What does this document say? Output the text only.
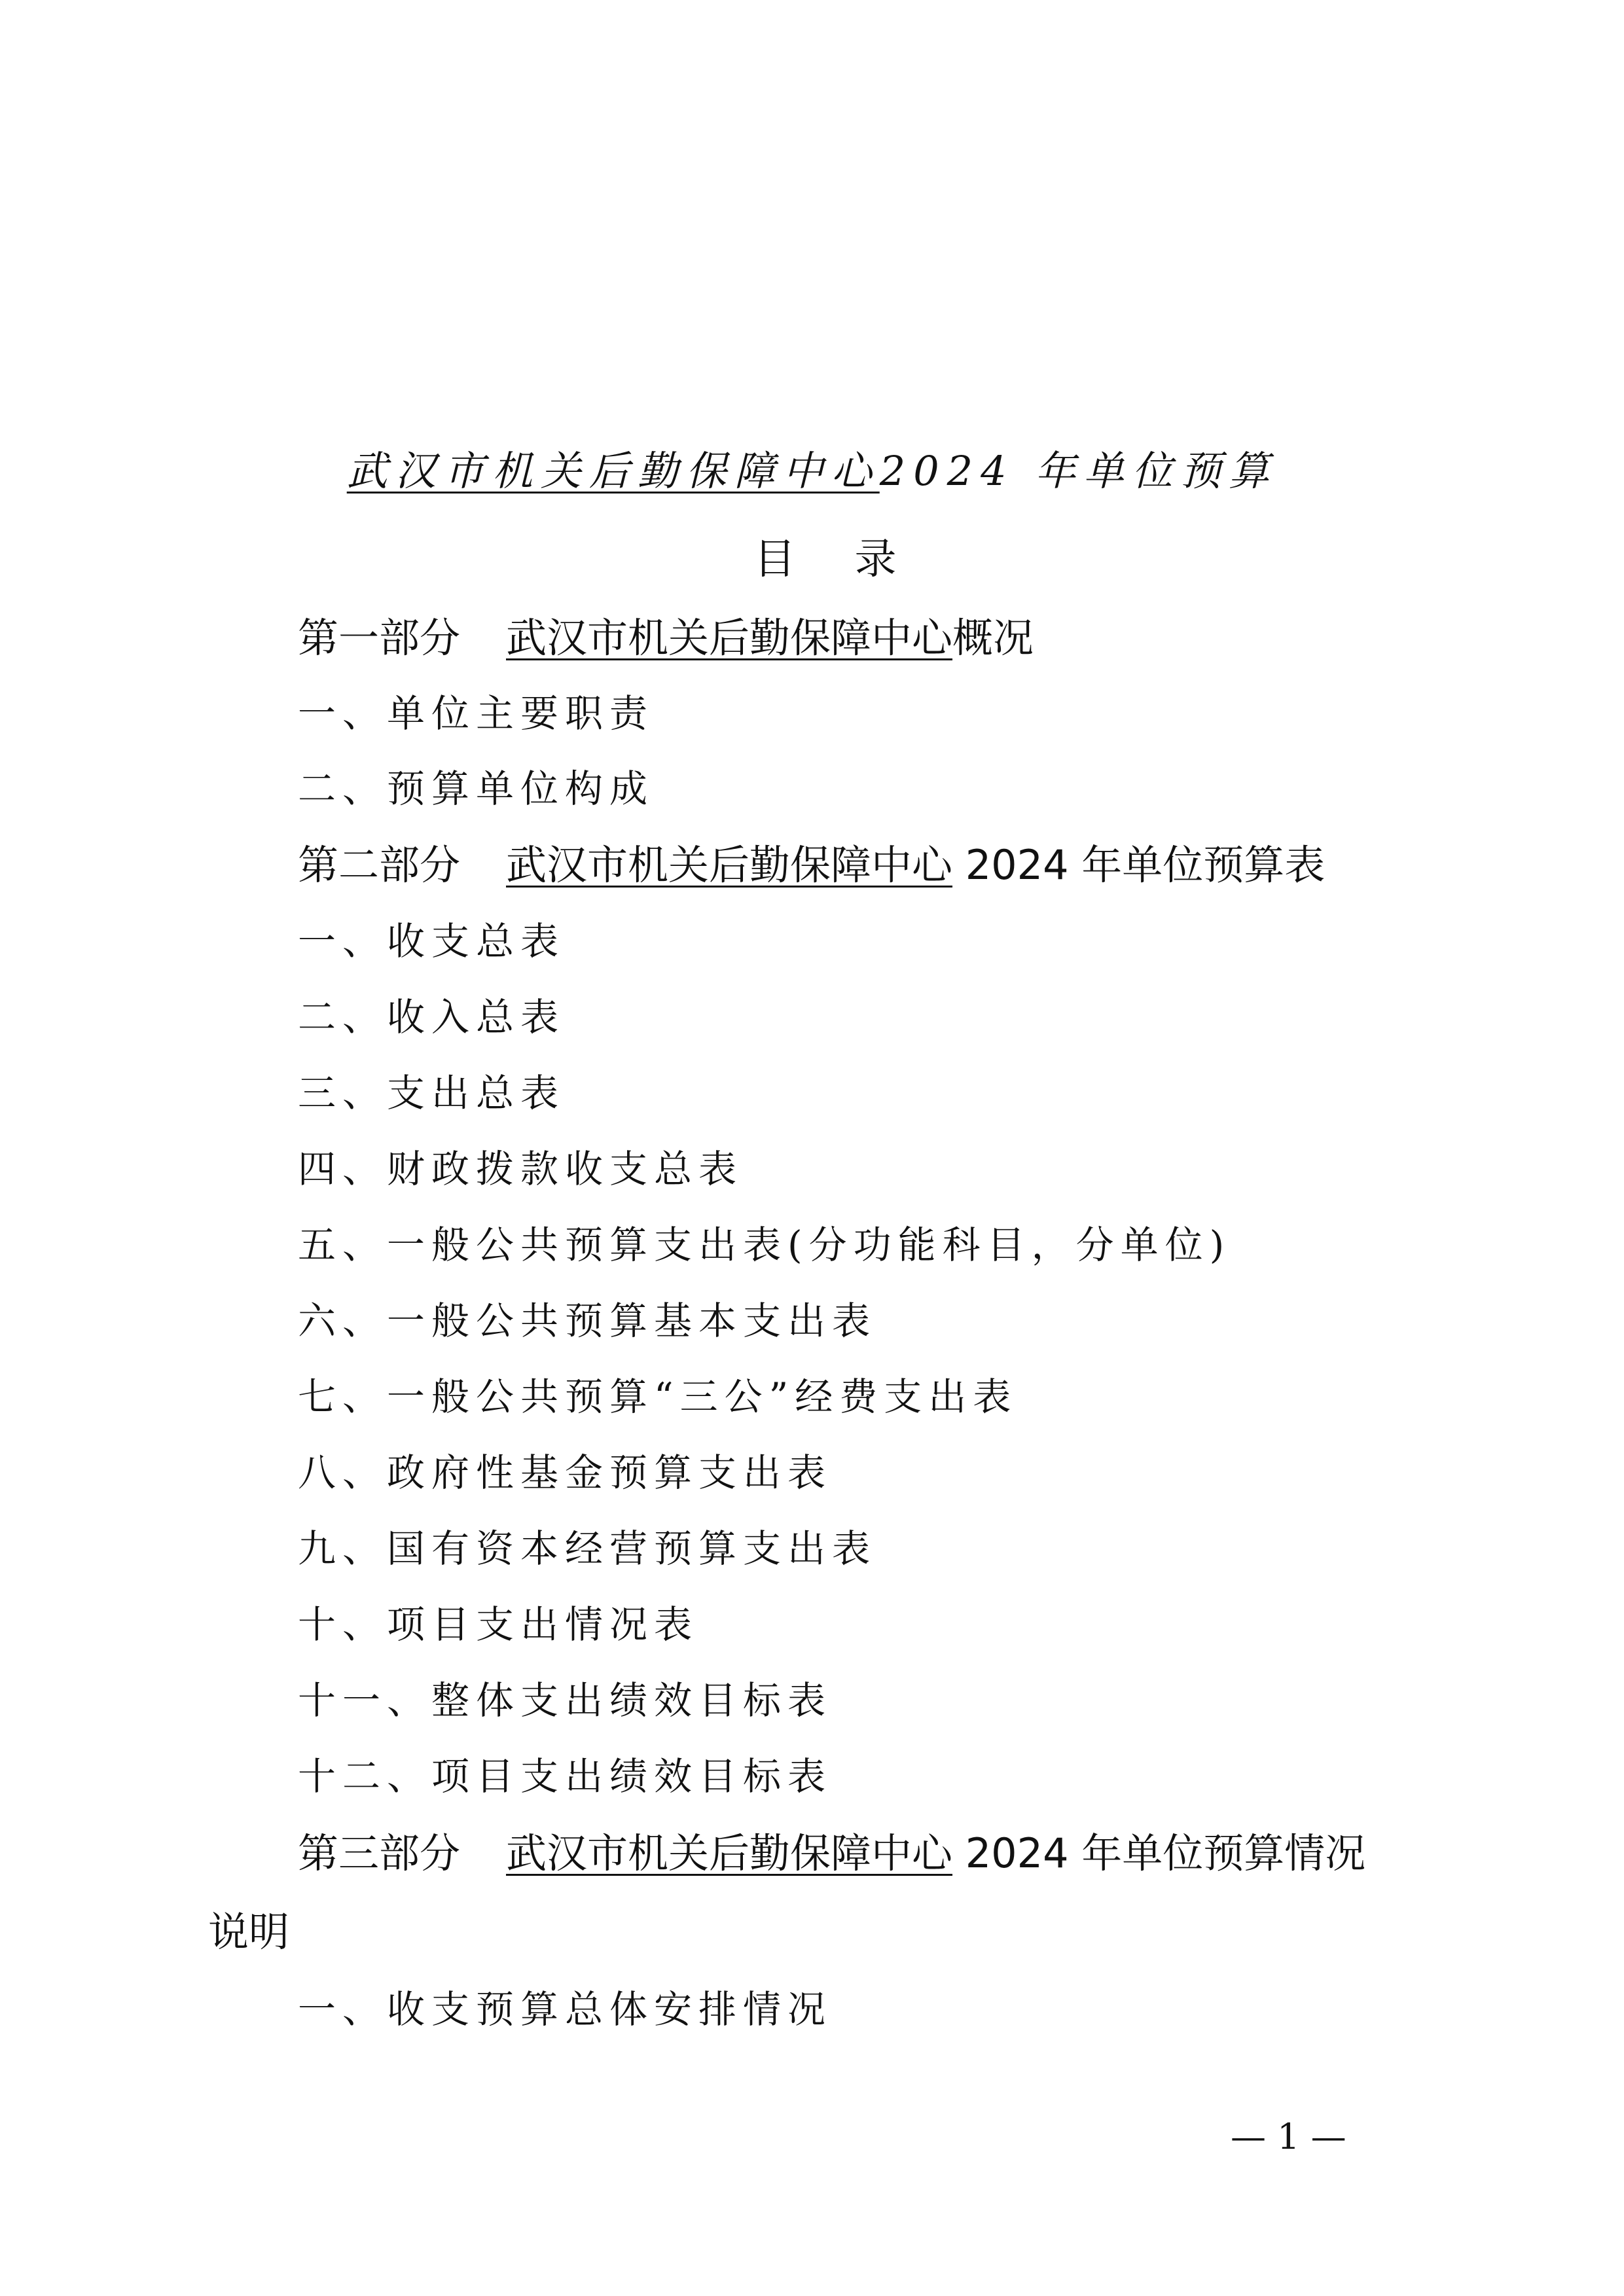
武汉市机关后勤保障中心2024 年单位预算
目 录
第一部分 武汉市机关后勤保障中心概况
一、单位主要职责
二、预算单位构成
第二部分 武汉市机关后勤保障中心 2024 年单位预算表
一、收支总表
二、收入总表
三、支出总表
四、财政拨款收支总表
五、一般公共预算支出表(分功能科目，分单位)
六、一般公共预算基本支出表
七、一般公共预算“三公”经费支出表
八、政府性基金预算支出表
九、国有资本经营预算支出表
十、项目支出情况表
十一、整体支出绩效目标表
十二、项目支出绩效目标表
第三部分 武汉市机关后勤保障中心 2024 年单位预算情况
说明
一、收支预算总体安排情况
— 1 —
